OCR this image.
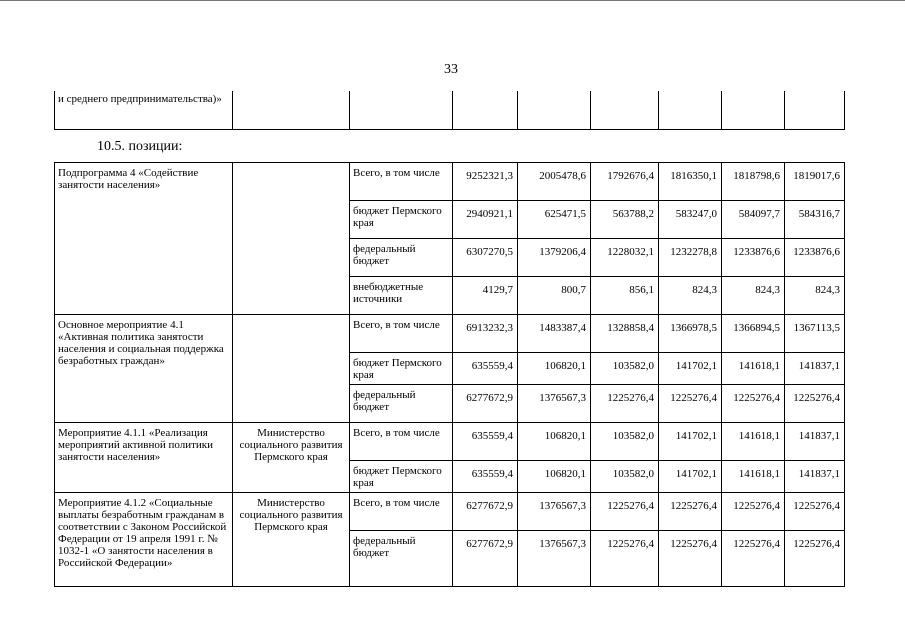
33
и среднего предпринимательства)»								
10.5. позиции:
Подпрограмма 4 «Содействие занятости населения»		Всего, в том числе	9252321,3	2005478,6	1792676,4	1816350,1	1818798,6	1819017,6
		бюджет Пермского края	2940921,1	625471,5	563788,2	583247,0	584097,7	584316,7
		федеральный бюджет	6307270,5	1379206,4	1228032,1	1232278,8	1233876,6	1233876,6
		внебюджетные источники	4129,7	800,7	856,1	824,3	824,3	824,3
Основное мероприятие 4.1 «Активная политика занятости населения и социальная поддержка безработных граждан»		Всего, в том числе	6913232,3	1483387,4	1328858,4	1366978,5	1366894,5	1367113,5
		бюджет Пермского края	635559,4	106820,1	103582,0	141702,1	141618,1	141837,1
		федеральный бюджет	6277672,9	1376567,3	1225276,4	1225276,4	1225276,4	1225276,4
Мероприятие 4.1.1 «Реализация мероприятий активной политики занятости населения»	Министерство социального развития Пермского края	Всего, в том числе	635559,4	106820,1	103582,0	141702,1	141618,1	141837,1
		бюджет Пермского края	635559,4	106820,1	103582,0	141702,1	141618,1	141837,1
Мероприятие 4.1.2 «Социальные выплаты безработным гражданам в соответствии с Законом Российской Федерации от 19 апреля 1991 г. № 1032-1 «О занятости населения в Российской Федерации»	Министерство социального развития Пермского края	Всего, в том числе	6277672,9	1376567,3	1225276,4	1225276,4	1225276,4	1225276,4
		федеральный бюджет	6277672,9	1376567,3	1225276,4	1225276,4	1225276,4	1225276,4
